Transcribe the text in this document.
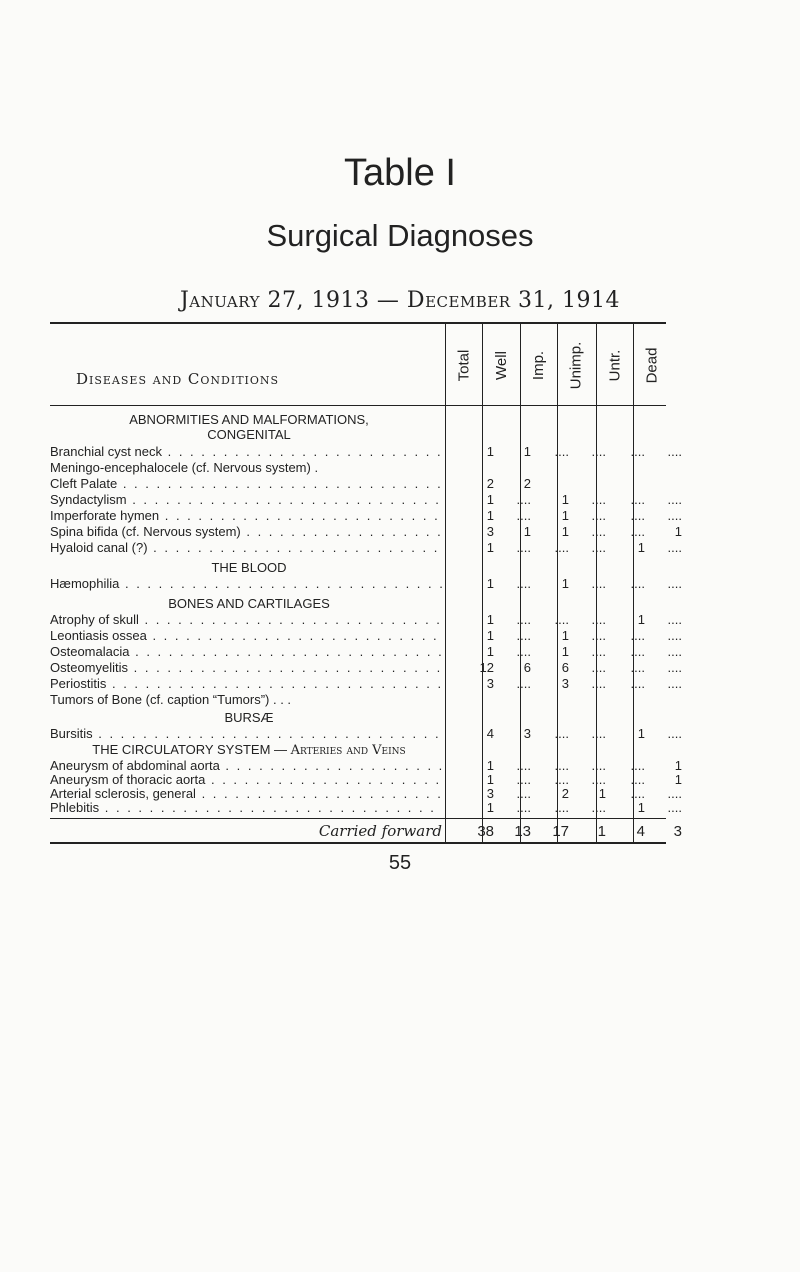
Table I
Surgical Diagnoses
January 27, 1913 — December 31, 1914
Diseases and Conditions	Total Well Imp. Unimp. Untr. Dead
ABNORMITIES AND MALFORMATIONS,
CONGENITAL
Branchial cyst neck . . .	1	1	....	....	....	....
Meningo-encephalocele (cf. Nervous system) .
Cleft Palate . . .	2	2
Syndactylism . . .	1	....	1	....	....	....
Imperforate hymen . . .	1	....	1	....	....	....
Spina bifida (cf. Nervous system) . . .	3	1	1	....	....	1
Hyaloid canal (?) . . .	1	....	....	....	1	....
THE BLOOD
Hæmophilia . . .	1	....	1	....	....	....
BONES AND CARTILAGES
Atrophy of skull . . .	1	....	....	....	1	....
Leontiasis ossea . . .	1	....	1	....	....	....
Osteomalacia . . .	1	....	1	....	....	....
Osteomyelitis . . .	12	6	6	....	....	....
Periostitis . . .	3	....	3	....	....	....
Tumors of Bone (cf. caption “Tumors”) . . .
BURSÆ
Bursitis . . .	4	3	....	....	1	....
THE CIRCULATORY SYSTEM — Arteries and Veins
Aneurysm of abdominal aorta . . .	1	....	....	....	....	1
Aneurysm of thoracic aorta . . .	1	....	....	....	....	1
Arterial sclerosis, general . . .	3	....	2	1	....	....
Phlebitis . . .	1	....	....	....	1	....
Carried forward	38	13	17	1	4	3
55
